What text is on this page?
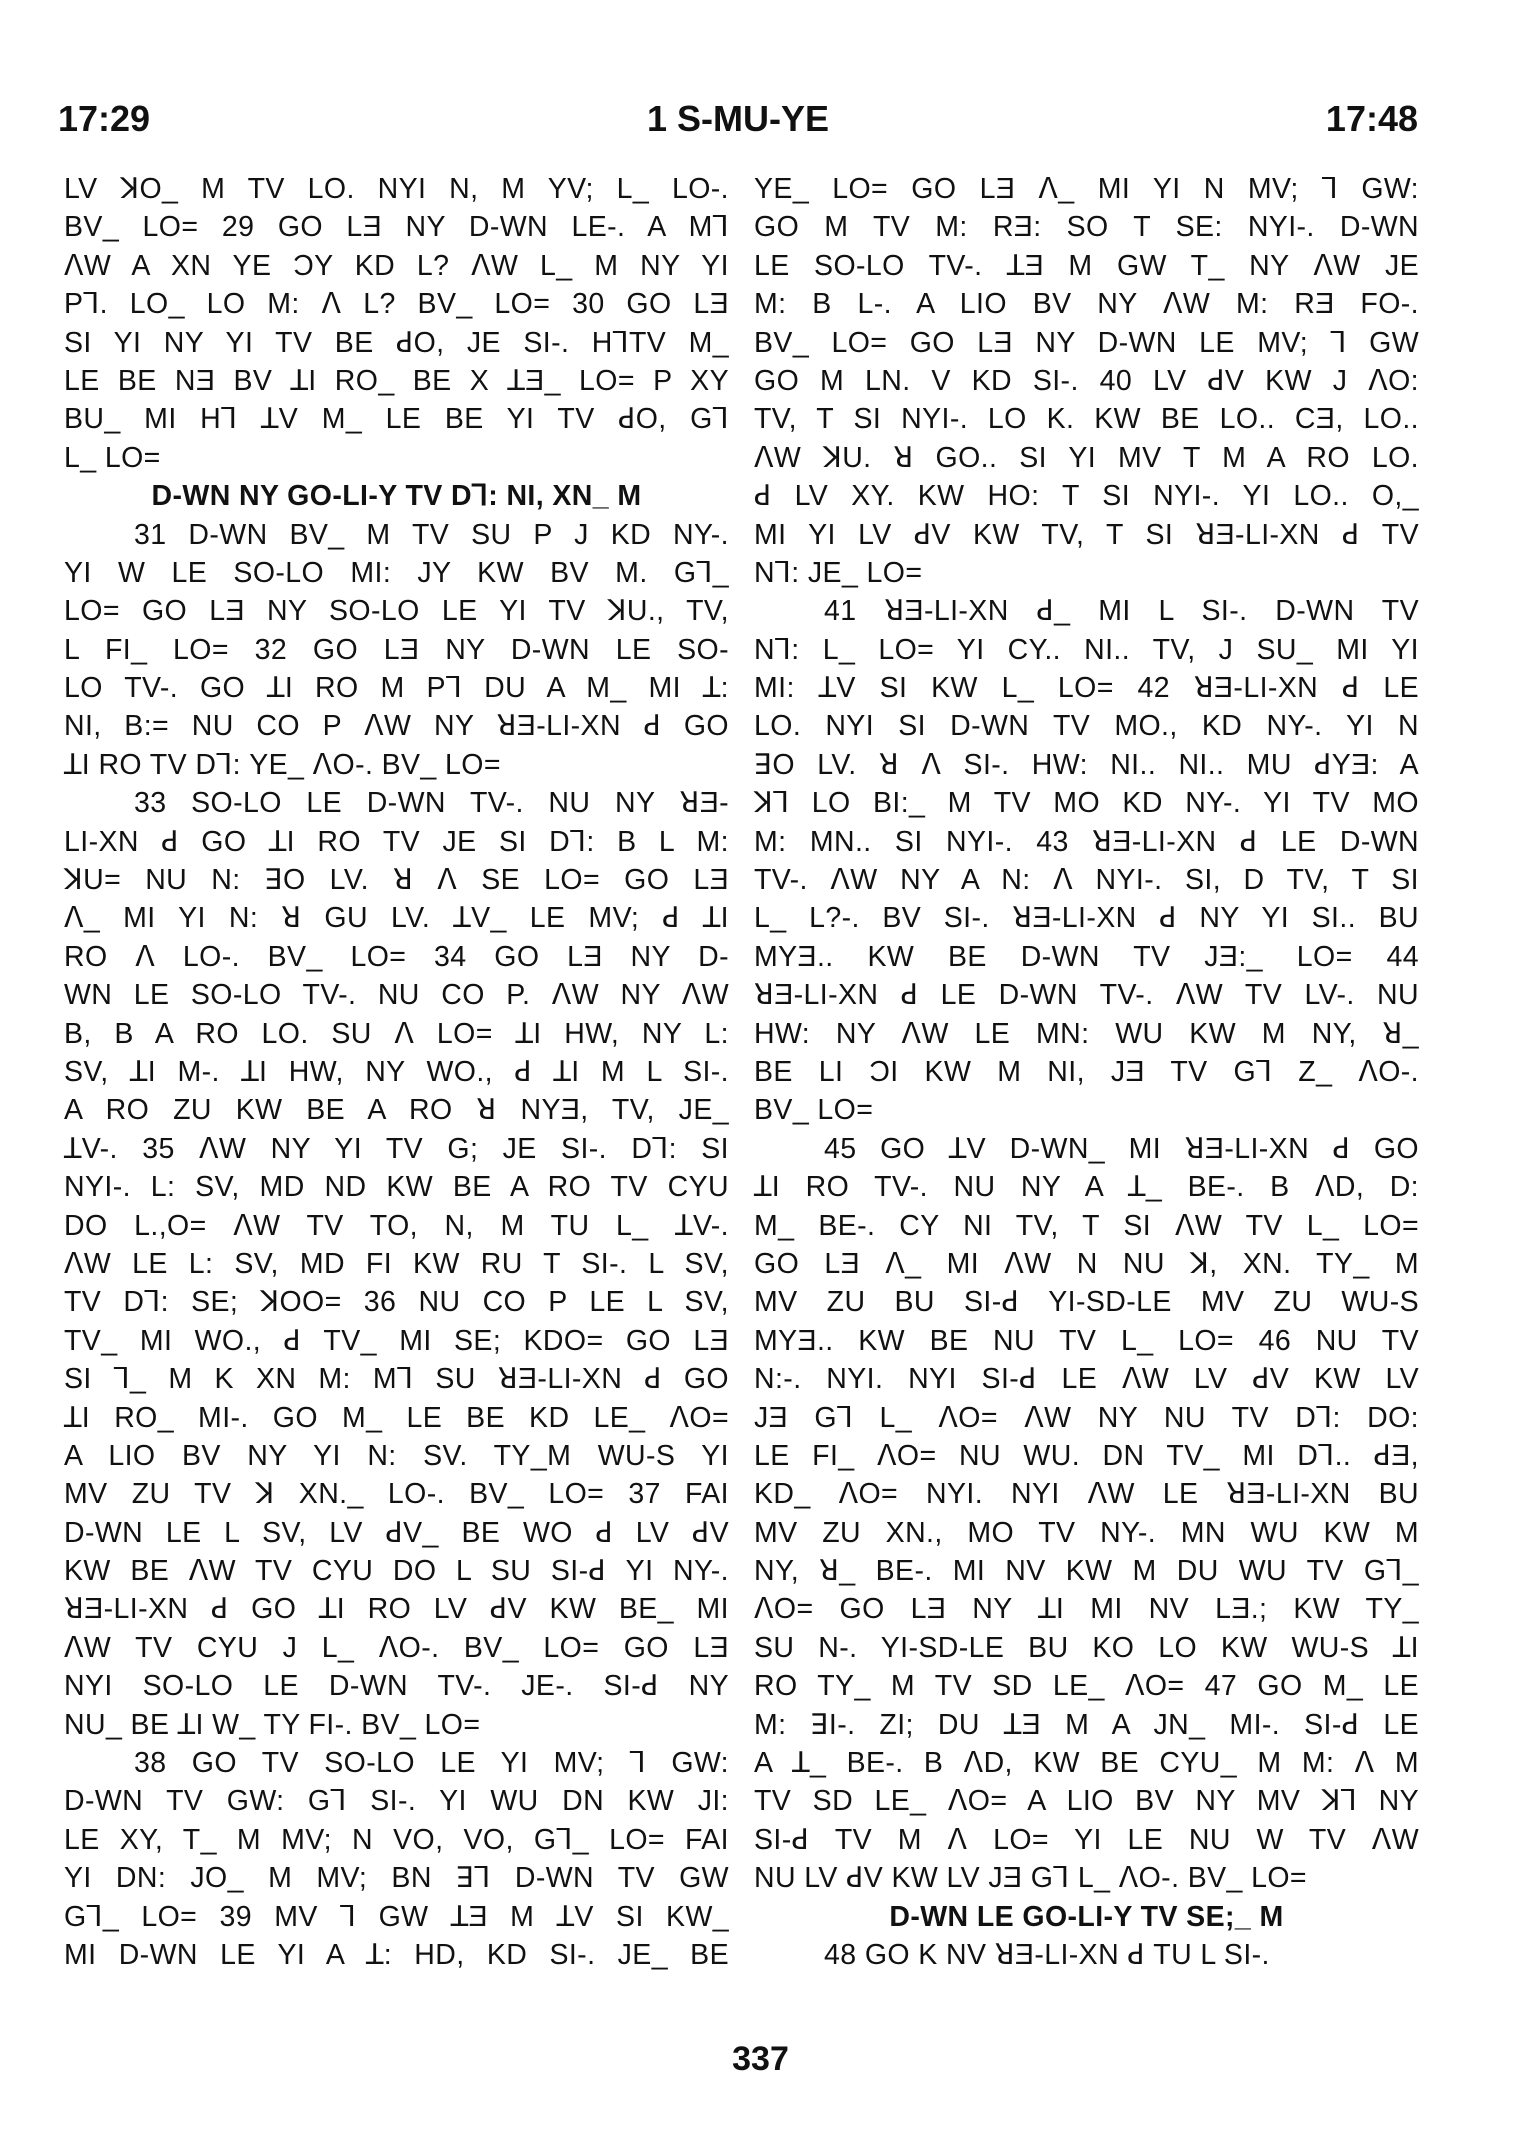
17:29	1 S-MU-YE	17:48
LV ꓘO_ M TV LO. NYI N, M YV; L_ LO-.
BV_ LO= 29 GO LƎ NY D-WN LE-. A Mꓶ
ꓥW A XN YE ƆY KD L? ꓥW L_ M NY YI
Pꓶ. LO_ LO M: ꓥ L? BV_ LO= 30 GO LƎ
SI YI NY YI TV BE ꓒO, JE SI-. HꓶTV M_
LE BE NƎ BV ꓕI RO_ BE X ꓕƎ_ LO= P XY
BU_ MI Hꓶ ꓕV M_ LE BE YI TV ꓒO, Gꓶ
L_ LO=
D-WN NY GO-LI-Y TV Dꓶ: NI, XN_ M
31 D-WN BV_ M TV SU P J KD NY-.
YI W LE SO-LO MI: JY KW BV M. Gꓶ_
LO= GO LƎ NY SO-LO LE YI TV ꓘU., TV,
L FI_ LO= 32 GO LƎ NY D-WN LE SO-
LO TV-. GO ꓕI RO M Pꓶ DU A M_ MI ꓕ:
NI, B:= NU CO P ꓥW NY ꓤƎ-LI-XN ꓒ GO
ꓕI RO TV Dꓶ: YE_ ꓥO-. BV_ LO=
33 SO-LO LE D-WN TV-. NU NY ꓤƎ-
LI-XN ꓒ GO ꓕI RO TV JE SI Dꓶ: B L M:
ꓘU= NU N: ꓱO LV. ꓤ ꓥ SE LO= GO LƎ
ꓥ_ MI YI N: ꓤ GU LV. ꓕV_ LE MV; ꓒ ꓕI
RO ꓥ LO-. BV_ LO= 34 GO LƎ NY D-
WN LE SO-LO TV-. NU CO P. ꓥW NY ꓥW
B, B A RO LO. SU ꓥ LO= ꓕI HW, NY L:
SV, ꓕI M-. ꓕI HW, NY WO., ꓒ ꓕI M L SI-.
A RO ZU KW BE A RO ꓤ NYƎ, TV, JE_
ꓕV-. 35 ꓥW NY YI TV G; JE SI-. Dꓶ: SI
NYI-. L: SV, MD ND KW BE A RO TV CYU
DO L.,O= ꓥW TV TO, N, M TU L_ ꓕV-.
ꓥW LE L: SV, MD FI KW RU T SI-. L SV,
TV Dꓶ: SE; ꓘOO= 36 NU CO P LE L SV,
TV_ MI WO., ꓒ TV_ MI SE; KDO= GO LƎ
SI ꓶ_ M K XN M: Mꓶ SU ꓤƎ-LI-XN ꓒ GO
ꓕI RO_ MI-. GO M_ LE BE KD LE_ ꓥO=
A LIO BV NY YI N: SV. TY_M WU-S YI
MV ZU TV ꓘ XN._ LO-. BV_ LO= 37 FAI
D-WN LE L SV, LV ꓒV_ BE WO ꓒ LV ꓒV
KW BE ꓥW TV CYU DO L SU SI-ꓒ YI NY-.
ꓤƎ-LI-XN ꓒ GO ꓕI RO LV ꓒV KW BE_ MI
ꓥW TV CYU J L_ ꓥO-. BV_ LO= GO LƎ
NYI SO-LO LE D-WN TV-. JE-. SI-ꓒ NY
NU_ BE ꓕI W_ TY FI-. BV_ LO=
38 GO TV SO-LO LE YI MV; ꓶ GW:
D-WN TV GW: Gꓶ SI-. YI WU DN KW JI:
LE XY, T_ M MV; N VO, VO, Gꓶ_ LO= FAI
YI DN: JO_ M MV; BN ꓱꓶ D-WN TV GW
Gꓶ_ LO= 39 MV ꓶ GW ꓕƎ M ꓕV SI KW_
MI D-WN LE YI A ꓕ: HD, KD SI-. JE_ BE
YE_ LO= GO LƎ ꓥ_ MI YI N MV; ꓶ GW:
GO M TV M: RƎ: SO T SE: NYI-. D-WN
LE SO-LO TV-. ꓕƎ M GW T_ NY ꓥW JE
M: B L-. A LIO BV NY ꓥW M: RƎ FO-.
BV_ LO= GO LƎ NY D-WN LE MV; ꓶ GW
GO M LN. V KD SI-. 40 LV ꓒV KW J ꓥO:
TV, T SI NYI-. LO K. KW BE LO.. CƎ, LO..
ꓥW ꓘU. ꓤ GO.. SI YI MV T M A RO LO.
ꓒ LV XY. KW HO: T SI NYI-. YI LO.. O,_
MI YI LV ꓒV KW TV, T SI ꓤƎ-LI-XN ꓒ TV
Nꓶ: JE_ LO=
41 ꓤƎ-LI-XN ꓒ_ MI L SI-. D-WN TV
Nꓶ: L_ LO= YI CY.. NI.. TV, J SU_ MI YI
MI: ꓕV SI KW L_ LO= 42 ꓤƎ-LI-XN ꓒ LE
LO. NYI SI D-WN TV MO., KD NY-. YI N
ꓱO LV. ꓤ ꓥ SI-. HW: NI.. NI.. MU ꓒYƎ: A
ꓘꓶ LO BI:_ M TV MO KD NY-. YI TV MO
M: MN.. SI NYI-. 43 ꓤƎ-LI-XN ꓒ LE D-WN
TV-. ꓥW NY A N: ꓥ NYI-. SI, D TV, T SI
L_ L?-. BV SI-. ꓤƎ-LI-XN ꓒ NY YI SI.. BU
MYƎ.. KW BE D-WN TV JƎ:_ LO= 44
ꓤƎ-LI-XN ꓒ LE D-WN TV-. ꓥW TV LV-. NU
HW: NY ꓥW LE MN: WU KW M NY, ꓤ_
BE LI ƆI KW M NI, JƎ TV Gꓶ Z_ ꓥO-.
BV_ LO=
45 GO ꓕV D-WN_ MI ꓤƎ-LI-XN ꓒ GO
ꓕI RO TV-. NU NY A ꓕ_ BE-. B ꓥD, D:
M_ BE-. CY NI TV, T SI ꓥW TV L_ LO=
GO LƎ ꓥ_ MI ꓥW N NU ꓘ, XN. TY_ M
MV ZU BU SI-ꓒ YI-SD-LE MV ZU WU-S
MYƎ.. KW BE NU TV L_ LO= 46 NU TV
N:-. NYI. NYI SI-ꓒ LE ꓥW LV ꓒV KW LV
JƎ Gꓶ L_ ꓥO= ꓥW NY NU TV Dꓶ: DO:
LE FI_ ꓥO= NU WU. DN TV_ MI Dꓶ.. ꓒƎ,
KD_ ꓥO= NYI. NYI ꓥW LE ꓤƎ-LI-XN BU
MV ZU XN., MO TV NY-. MN WU KW M
NY, ꓤ_ BE-. MI NV KW M DU WU TV Gꓶ_
ꓥO= GO LƎ NY ꓕI MI NV LƎ.; KW TY_
SU N-. YI-SD-LE BU KO LO KW WU-S ꓕI
RO TY_ M TV SD LE_ ꓥO= 47 GO M_ LE
M: ꓱI-. ZI; DU ꓕƎ M A JN_ MI-. SI-ꓒ LE
A ꓕ_ BE-. B ꓥD, KW BE CYU_ M M: ꓥ M
TV SD LE_ ꓥO= A LIO BV NY MV ꓘꓶ NY
SI-ꓒ TV M ꓥ LO= YI LE NU W TV ꓥW
NU LV ꓒV KW LV JƎ Gꓶ L_ ꓥO-. BV_ LO=
D-WN LE GO-LI-Y TV SE;_ M
48 GO K NV ꓤƎ-LI-XN ꓒ TU L SI-.
337
